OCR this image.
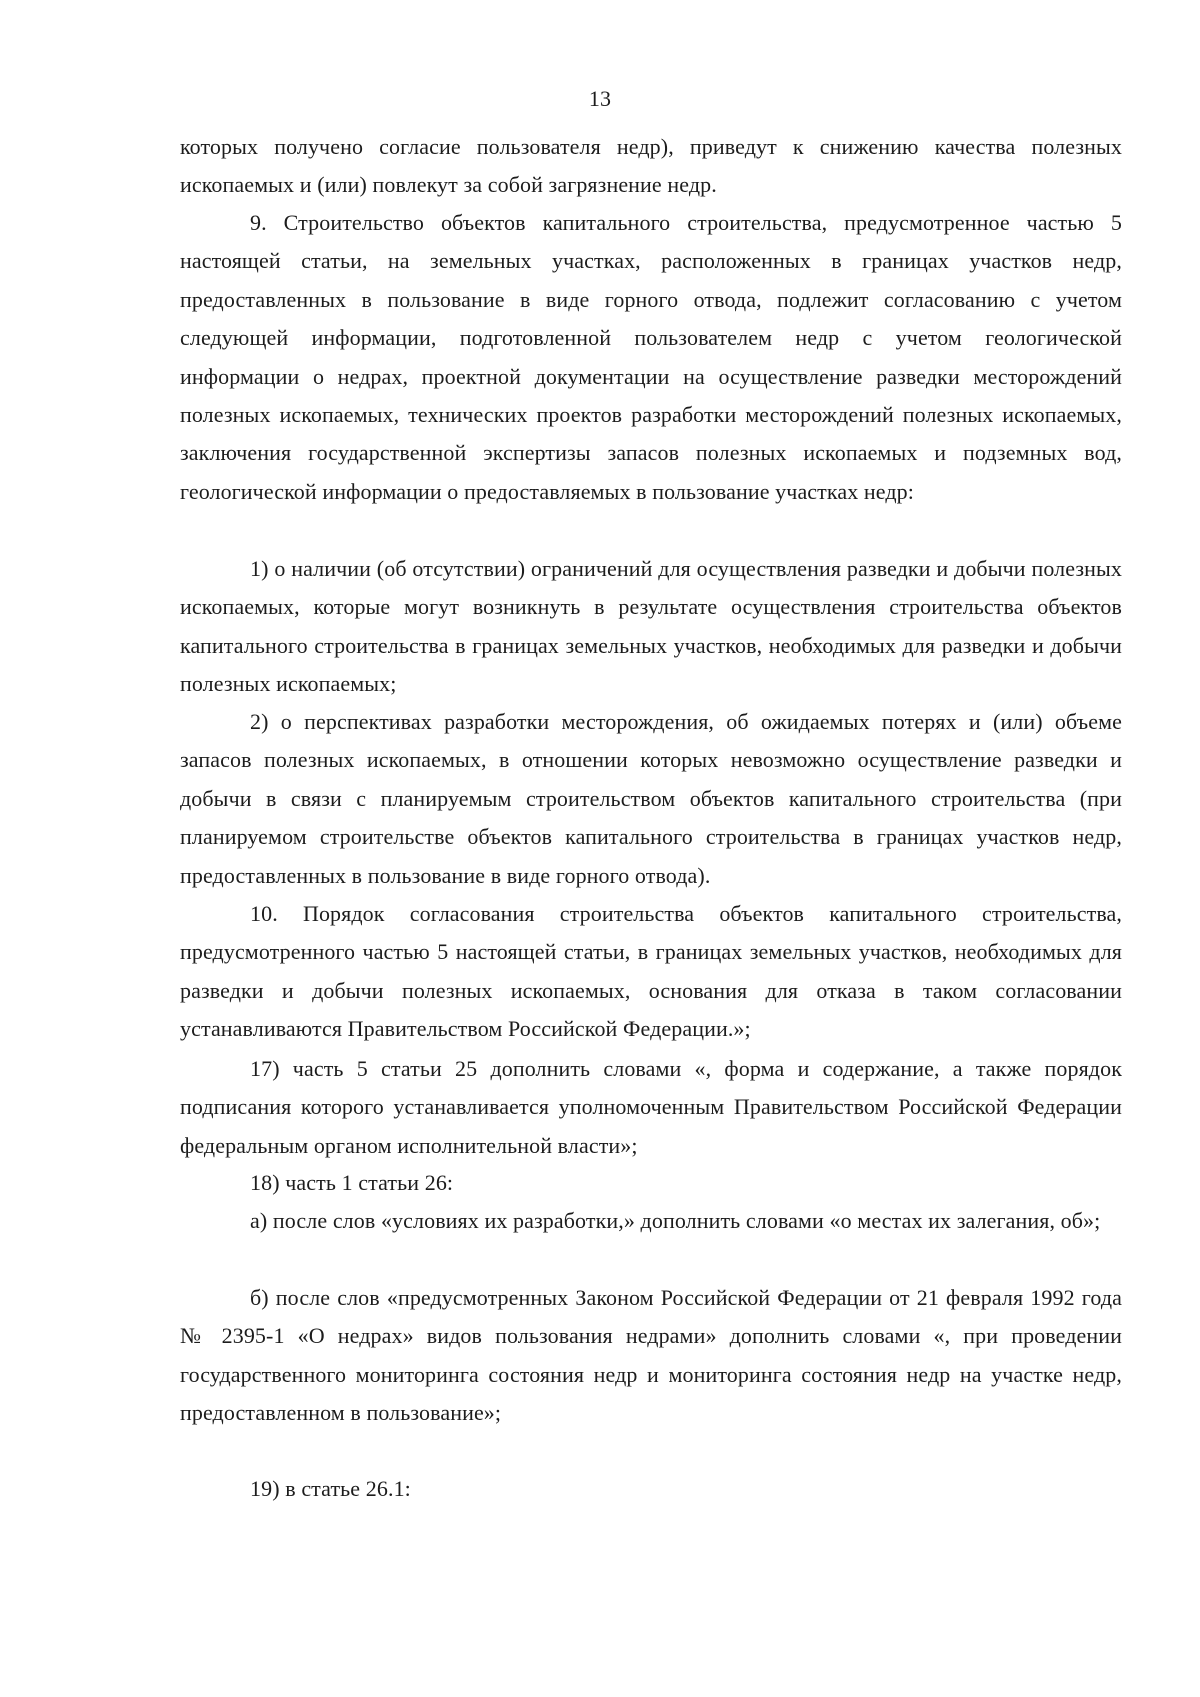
13

которых получено согласие пользователя недр), приведут к снижению качества полезных ископаемых и (или) повлекут за собой загрязнение недр.

9. Строительство объектов капитального строительства, предусмотренное частью 5 настоящей статьи, на земельных участках, расположенных в границах участков недр, предоставленных в пользование в виде горного отвода, подлежит согласованию с учетом следующей информации, подготовленной пользователем недр с учетом геологической информации о недрах, проектной документации на осуществление разведки месторождений полезных ископаемых, технических проектов разработки месторождений полезных ископаемых, заключения государственной экспертизы запасов полезных ископаемых и подземных вод, геологической информации о предоставляемых в пользование участках недр:

1) о наличии (об отсутствии) ограничений для осуществления разведки и добычи полезных ископаемых, которые могут возникнуть в результате осуществления строительства объектов капитального строительства в границах земельных участков, необходимых для разведки и добычи полезных ископаемых;

2) о перспективах разработки месторождения, об ожидаемых потерях и (или) объеме запасов полезных ископаемых, в отношении которых невозможно осуществление разведки и добычи в связи с планируемым строительством объектов капитального строительства (при планируемом строительстве объектов капитального строительства в границах участков недр, предоставленных в пользование в виде горного отвода).

10. Порядок согласования строительства объектов капитального строительства, предусмотренного частью 5 настоящей статьи, в границах земельных участков, необходимых для разведки и добычи полезных ископаемых, основания для отказа в таком согласовании устанавливаются Правительством Российской Федерации.»;

17) часть 5 статьи 25 дополнить словами «, форма и содержание, а также порядок подписания которого устанавливается уполномоченным Правительством Российской Федерации федеральным органом исполнительной власти»;

18) часть 1 статьи 26:

а) после слов «условиях их разработки,» дополнить словами «о местах их залегания, об»;

б) после слов «предусмотренных Законом Российской Федерации от 21 февраля 1992 года № 2395-1 «О недрах» видов пользования недрами» дополнить словами «, при проведении государственного мониторинга состояния недр и мониторинга состояния недр на участке недр, предоставленном в пользование»;

19) в статье 26.1:
